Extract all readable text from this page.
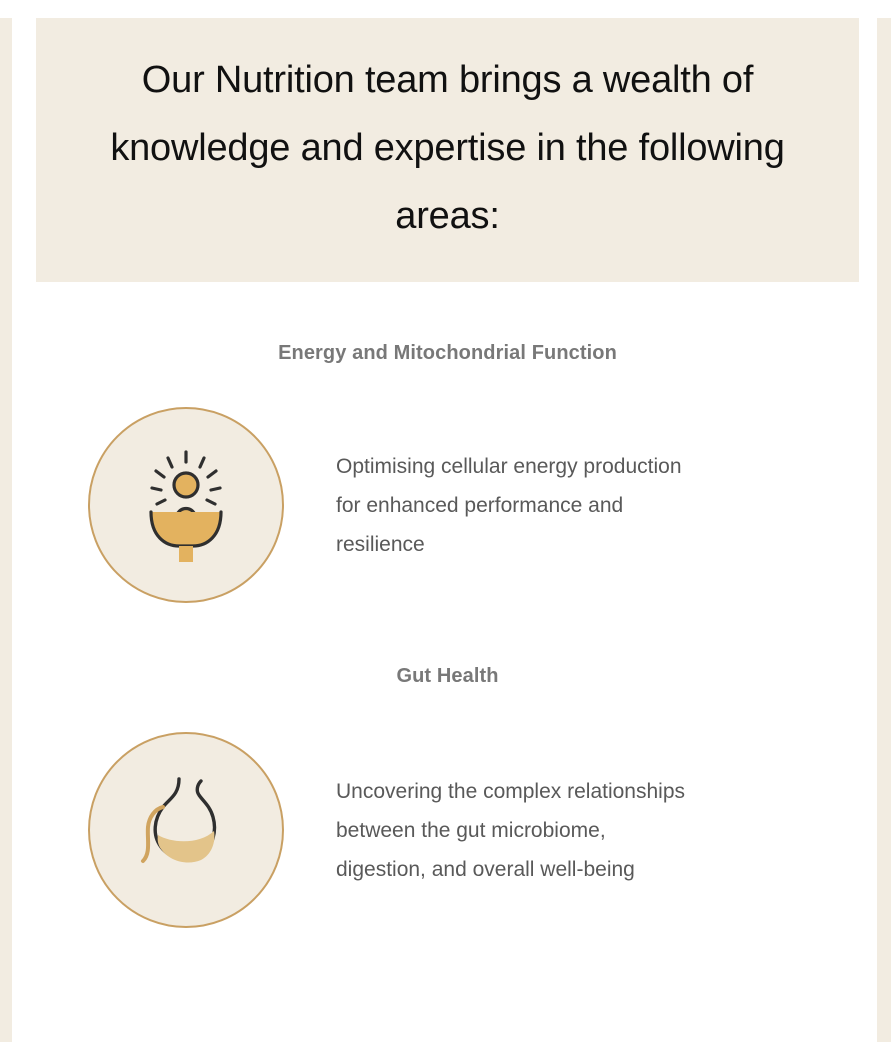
Our Nutrition team brings a wealth of knowledge and expertise in the following areas:
Energy and Mitochondrial Function
Optimising cellular energy production for enhanced performance and resilience
Gut Health
Uncovering the complex relationships between the gut microbiome, digestion, and overall well-being
